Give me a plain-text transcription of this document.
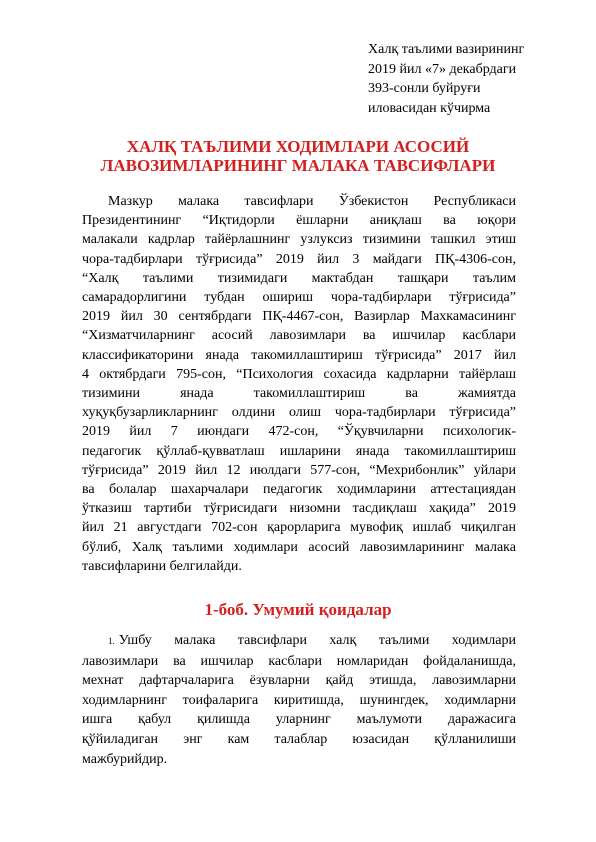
Халқ таълими вазирининг
2019 йил «7» декабрдаги
393-сонли буйруғи
иловасидан кўчирма
ХАЛҚ ТАЪЛИМИ ХОДИМЛАРИ АСОСИЙ
ЛАВОЗИМЛАРИНИНГ МАЛАКА ТАВСИФЛАРИ
Мазкур малака тавсифлари Ўзбекистон Республикаси
Президентининг “Иқтидорли ёшларни аниқлаш ва юқори
малакали кадрлар тайёрлашнинг узлуксиз тизимини ташкил этиш
чора-тадбирлари тўғрисида” 2019 йил 3 майдаги ПҚ-4306-сон,
“Халқ таълими тизимидаги мактабдан ташқари таълим
самарадорлигини тубдан ошириш чора-тадбирлари тўғрисида”
2019 йил 30 сентябрдаги ПҚ-4467-сон, Вазирлар Махкамасининг
“Хизматчиларнинг асосий лавозимлари ва ишчилар касблари
классификаторини янада такомиллаштириш тўғрисида” 2017 йил
4 октябрдаги 795-сон, “Психология сохасида кадрларни тайёрлаш
тизимини янада такомиллаштириш ва жамиятда
хуқуқбузарликларнинг олдини олиш чора-тадбирлари тўғрисида”
2019 йил 7 июндаги 472-сон, “Ўқувчиларни психологик-
педагогик қўллаб-қувватлаш ишларини янада такомиллаштириш
тўғрисида” 2019 йил 12 июлдаги 577-сон, “Мехрибонлик” уйлари
ва болалар шахарчалари педагогик ходимларини аттестациядан
ўтказиш тартиби тўғрисидаги низомни тасдиқлаш хақида” 2019
йил 21 августдаги 702-сон қарорларига мувофиқ ишлаб чиқилган
бўлиб, Халқ таълими ходимлари асосий лавозимларининг малака
тавсифларини белгилайди.
1-боб. Умумий қоидалар
1. Ушбу малака тавсифлари халқ таълими ходимлари
лавозимлари ва ишчилар касблари номларидан фойдаланишда,
мехнат дафтарчаларига ёзувларни қайд этишда, лавозимларни
ходимларнинг тоифаларига киритишда, шунингдек, ходимларни
ишга қабул қилишда уларнинг маълумоти даражасига
қўйиладиган энг кам талаблар юзасидан қўлланилиши
мажбурийдир.
